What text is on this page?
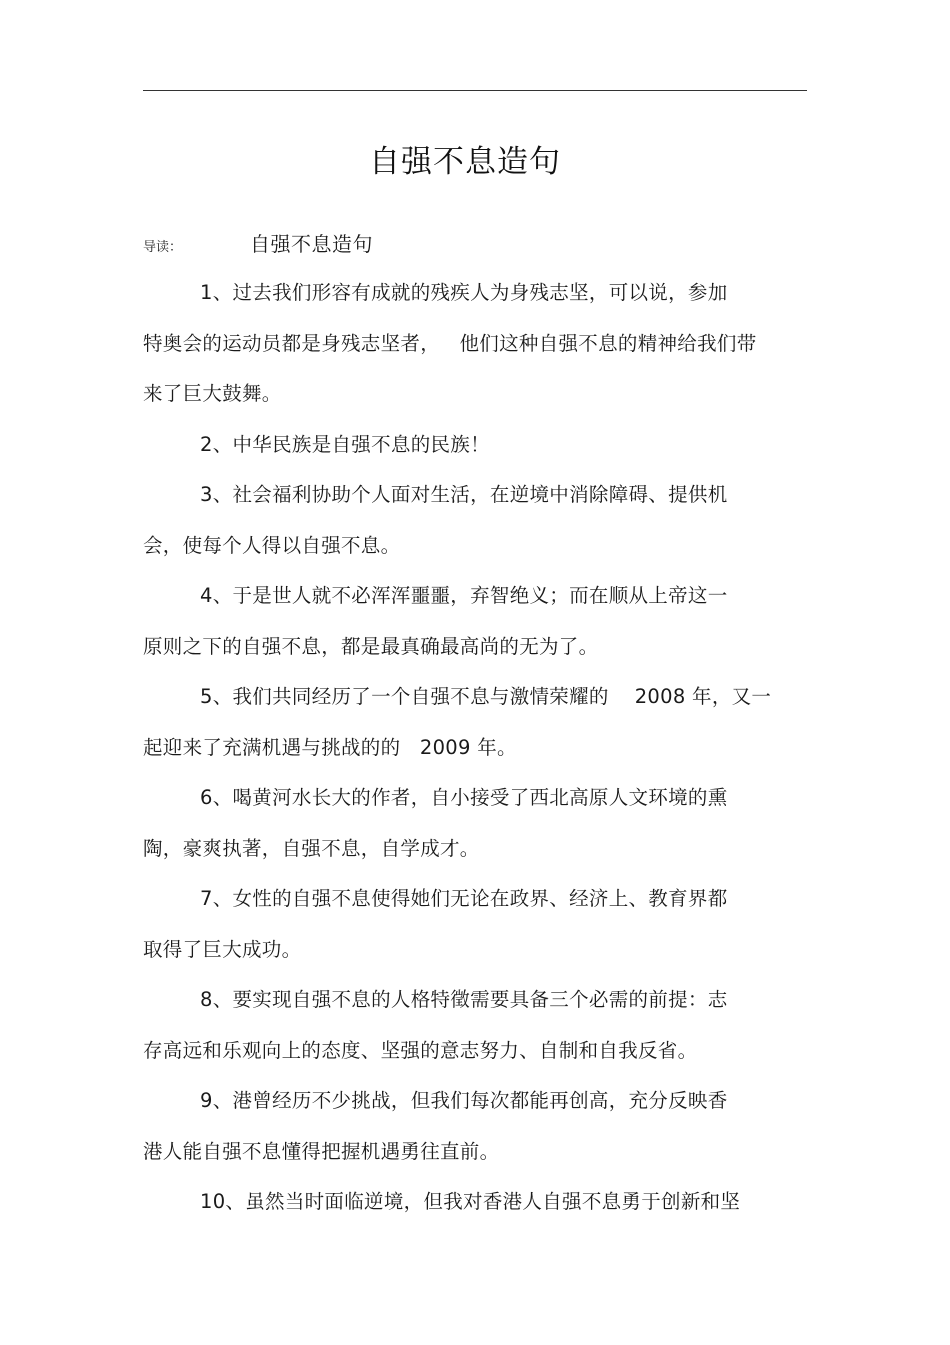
自强不息造句
导读：	自强不息造句
1、过去我们形容有成就的残疾人为身残志坚，可以说，参加
特奥会的运动员都是身残志坚者，   他们这种自强不息的精神给我们带
来了巨大鼓舞。
2、中华民族是自强不息的民族！
3、社会福利协助个人面对生活，在逆境中消除障碍、提供机
会，使每个人得以自强不息。
4、于是世人就不必浑浑噩噩，弃智绝义；而在顺从上帝这一
原则之下的自强不息，都是最真确最高尚的无为了。
5、我们共同经历了一个自强不息与激情荣耀的    2008 年，又一
起迎来了充满机遇与挑战的的   2009 年。
6、喝黄河水长大的作者，自小接受了西北高原人文环境的熏
陶，豪爽执著，自强不息，自学成才。
7、女性的自强不息使得她们无论在政界、经济上、教育界都
取得了巨大成功。
8、要实现自强不息的人格特徵需要具备三个必需的前提：志
存高远和乐观向上的态度、坚强的意志努力、自制和自我反省。
9、港曾经历不少挑战，但我们每次都能再创高，充分反映香
港人能自强不息懂得把握机遇勇往直前。
10、虽然当时面临逆境，但我对香港人自强不息勇于创新和坚
